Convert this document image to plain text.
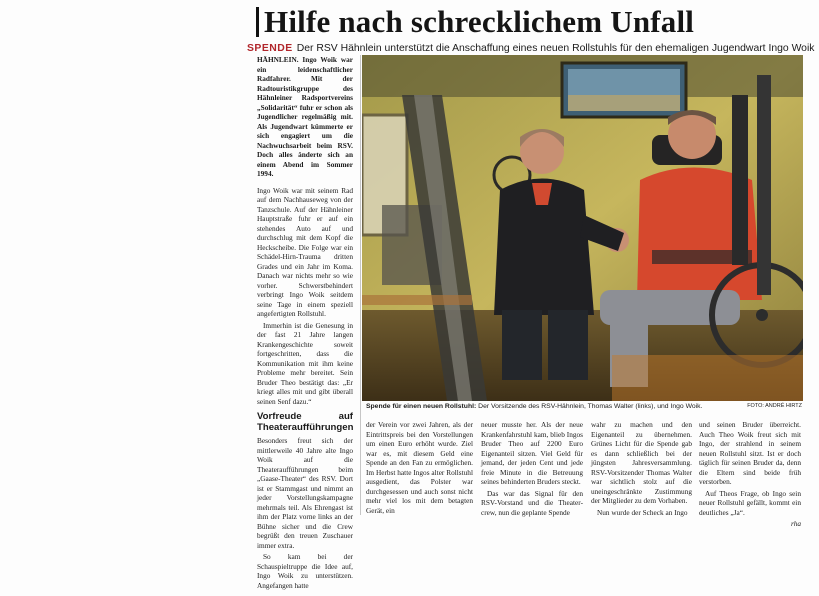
Hilfe nach schrecklichem Unfall
SPENDE Der RSV Hähnlein unterstützt die Anschaffung eines neuen Rollstuhls für den ehemaligen Jugendwart Ingo Woik

HÄHNLEIN. Ingo Woik war ein leidenschaftlicher Radfahrer. Mit der Radtouristikgruppe des Hähnleiner Radsportvereins „Solidarität“ fuhr er schon als Jugendlicher regelmäßig mit. Als Jugendwart kümmerte er sich engagiert um die Nachwuchsarbeit beim RSV. Doch alles änderte sich an einem Abend im Sommer 1994.

Ingo Woik war mit seinem Rad auf dem Nachhauseweg von der Tanzschule. Auf der Hähnleiner Hauptstraße fuhr er auf ein stehendes Auto auf und durchschlug mit dem Kopf die Heckscheibe. Die Folge war ein Schädel-Hirn-Trauma dritten Grades und ein Jahr im Koma. Danach war nichts mehr so wie vorher. Schwerstbehindert verbringt Ingo Woik seitdem seine Tage in einem speziell angefertigten Rollstuhl.

Immerhin ist die Genesung in der fast 21 Jahre langen Krankengeschichte soweit fortgeschritten, dass die Kommunikation mit ihm keine Probleme mehr bereitet. Sein Bruder Theo bestätigt das: „Er kriegt alles mit und gibt überall seinen Senf dazu.“

Vorfreude auf Theateraufführungen

Besonders freut sich der mittlerweile 40 Jahre alte Ingo Woik auf die Theateraufführungen beim „Gaase-Theater“ des RSV. Dort ist er Stammgast und nimmt an jeder Vorstellungskampagne mehrmals teil. Als Ehrengast ist ihm der Platz vorne links an der Bühne sicher und die Crew begrüßt den treuen Zuschauer immer extra.

So kam bei der Schauspieltruppe die Idee auf, Ingo Woik zu unterstützen. Angefangen hatte

Spende für einen neuen Rollstuhl: Der Vorsitzende des RSV-Hähnlein, Thomas Walter (links), und Ingo Woik.	FOTO: ANDRÉ HIRTZ

der Verein vor zwei Jahren, als der Eintrittspreis bei den Vorstellungen um einen Euro erhöht wurde. Ziel war es, mit diesem Geld eine Spende an den Fan zu ermöglichen. Im Herbst hatte Ingos alter Rollstuhl ausgedient, das Polster war durchgesessen und auch sonst nicht mehr viel los mit dem betagten Gerät, ein

neuer musste her. Als der neue Krankenfahrstuhl kam, blieb Ingos Bruder Theo auf 2200 Euro Eigenanteil sitzen. Viel Geld für jemand, der jeden Cent und jede freie Minute in die Betreuung seines behinderten Bruders steckt.

Das war das Signal für den RSV-Vorstand und die Theater-crew, nun die geplante Spende

wahr zu machen und den Eigenanteil zu übernehmen. Grünes Licht für die Spende gab es dann schließlich bei der jüngsten Jahresversammlung. RSV-Vorsitzender Thomas Walter war sichtlich stolz auf die uneingeschränkte Zustimmung der Mitglieder zu dem Vorhaben.

Nun wurde der Scheck an Ingo

und seinen Bruder überreicht. Auch Theo Woik freut sich mit Ingo, der strahlend in seinem neuen Rollstuhl sitzt. Ist er doch täglich für seinen Bruder da, denn die Eltern sind beide früh verstorben.

Auf Theos Frage, ob Ingo sein neuer Rollstuhl gefällt, kommt ein deutliches „Ja“.

rha
